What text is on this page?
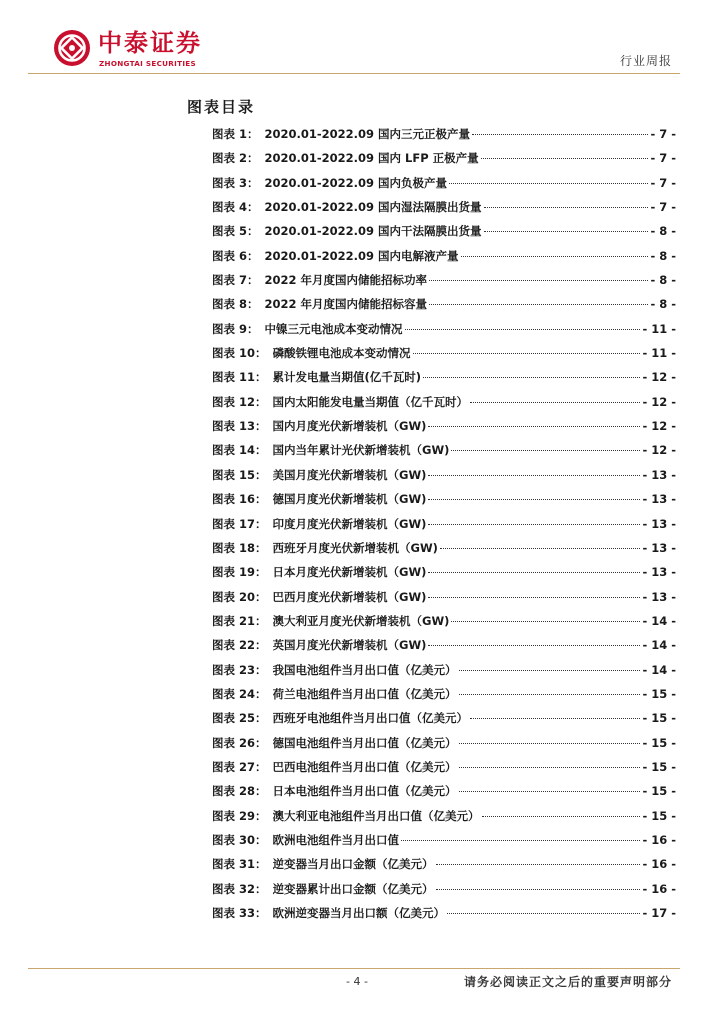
中泰证券
ZHONGTAI SECURITIES	行业周报
图表目录
图表 1： 2020.01-2022.09 国内三元正极产量	- 7 -
图表 2： 2020.01-2022.09 国内 LFP 正极产量	- 7 -
图表 3： 2020.01-2022.09 国内负极产量	- 7 -
图表 4： 2020.01-2022.09 国内湿法隔膜出货量	- 7 -
图表 5： 2020.01-2022.09 国内干法隔膜出货量	- 8 -
图表 6： 2020.01-2022.09 国内电解液产量	- 8 -
图表 7： 2022 年月度国内储能招标功率	- 8 -
图表 8： 2022 年月度国内储能招标容量	- 8 -
图表 9： 中镍三元电池成本变动情况	- 11 -
图表 10： 磷酸铁锂电池成本变动情况	- 11 -
图表 11： 累计发电量当期值(亿千瓦时)	- 12 -
图表 12： 国内太阳能发电量当期值（亿千瓦时）	- 12 -
图表 13： 国内月度光伏新增装机（GW)	- 12 -
图表 14： 国内当年累计光伏新增装机（GW)	- 12 -
图表 15： 美国月度光伏新增装机（GW)	- 13 -
图表 16： 德国月度光伏新增装机（GW)	- 13 -
图表 17： 印度月度光伏新增装机（GW)	- 13 -
图表 18： 西班牙月度光伏新增装机（GW)	- 13 -
图表 19： 日本月度光伏新增装机（GW)	- 13 -
图表 20： 巴西月度光伏新增装机（GW)	- 13 -
图表 21： 澳大利亚月度光伏新增装机（GW)	- 14 -
图表 22： 英国月度光伏新增装机（GW)	- 14 -
图表 23： 我国电池组件当月出口值（亿美元）	- 14 -
图表 24： 荷兰电池组件当月出口值（亿美元）	- 15 -
图表 25： 西班牙电池组件当月出口值（亿美元）	- 15 -
图表 26： 德国电池组件当月出口值（亿美元）	- 15 -
图表 27： 巴西电池组件当月出口值（亿美元）	- 15 -
图表 28： 日本电池组件当月出口值（亿美元）	- 15 -
图表 29： 澳大利亚电池组件当月出口值（亿美元）	- 15 -
图表 30： 欧洲电池组件当月出口值	- 16 -
图表 31： 逆变器当月出口金额（亿美元）	- 16 -
图表 32： 逆变器累计出口金额（亿美元）	- 16 -
图表 33： 欧洲逆变器当月出口额（亿美元）	- 17 -
- 4 -	请务必阅读正文之后的重要声明部分
